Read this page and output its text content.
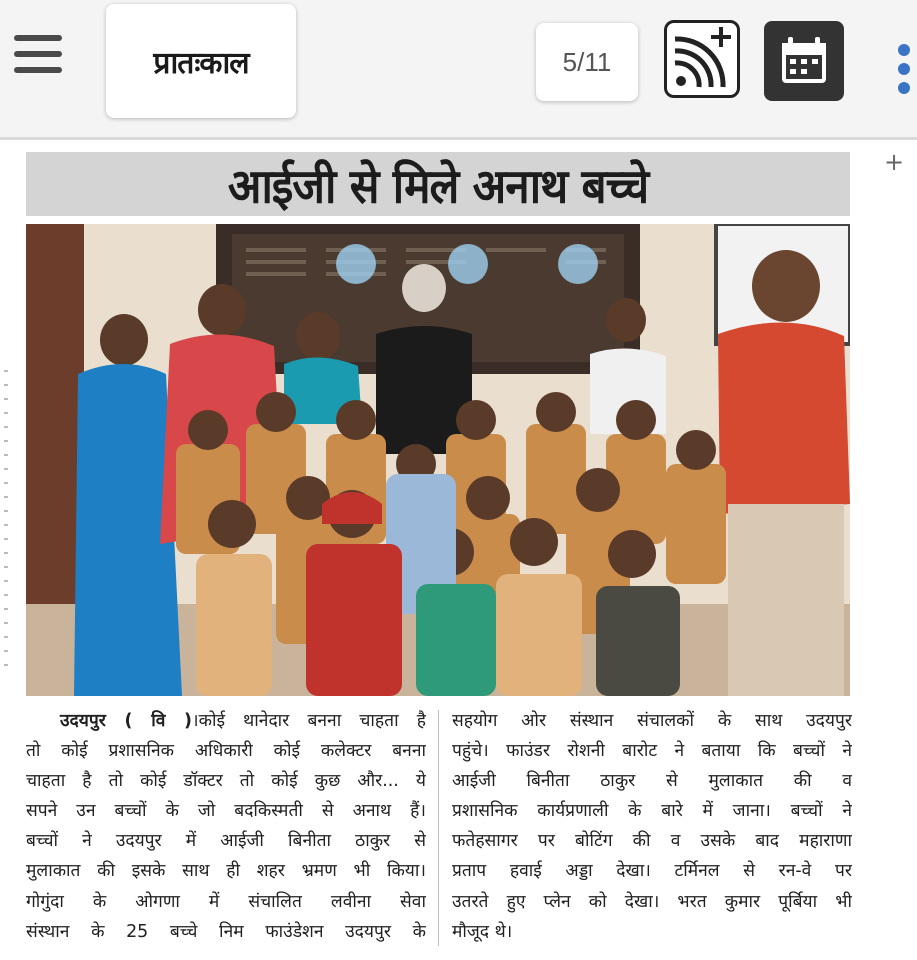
प्रातःकाल	5/11
+
आईजी से मिले अनाथ बच्चे
उदयपुर ( वि )।कोई थानेदार बनना चाहता है
तो कोई प्रशासनिक अधिकारी कोई कलेक्टर बनना
चाहता है तो कोई डॉक्टर तो कोई कुछ और... ये
सपने उन बच्चों के जो बदकिस्मती से अनाथ हैं।
बच्चों ने उदयपुर में आईजी बिनीता ठाकुर से
मुलाकात की इसके साथ ही शहर भ्रमण भी किया।
गोगुंदा के ओगणा में संचालित लवीना सेवा
संस्थान के 25 बच्चे निम फाउंडेशन उदयपुर के
सहयोग ओर संस्थान संचालकों के साथ उदयपुर
पहुंचे। फाउंडर रोशनी बारोट ने बताया कि बच्चों ने
आईजी बिनीता ठाकुर से मुलाकात की व
प्रशासनिक कार्यप्रणाली के बारे में जाना। बच्चों ने
फतेहसागर पर बोटिंग की व उसके बाद महाराणा
प्रताप हवाई अड्डा देखा। टर्मिनल से रन-वे पर
उतरते हुए प्लेन को देखा। भरत कुमार पूर्बिया भी
मौजूद थे।
